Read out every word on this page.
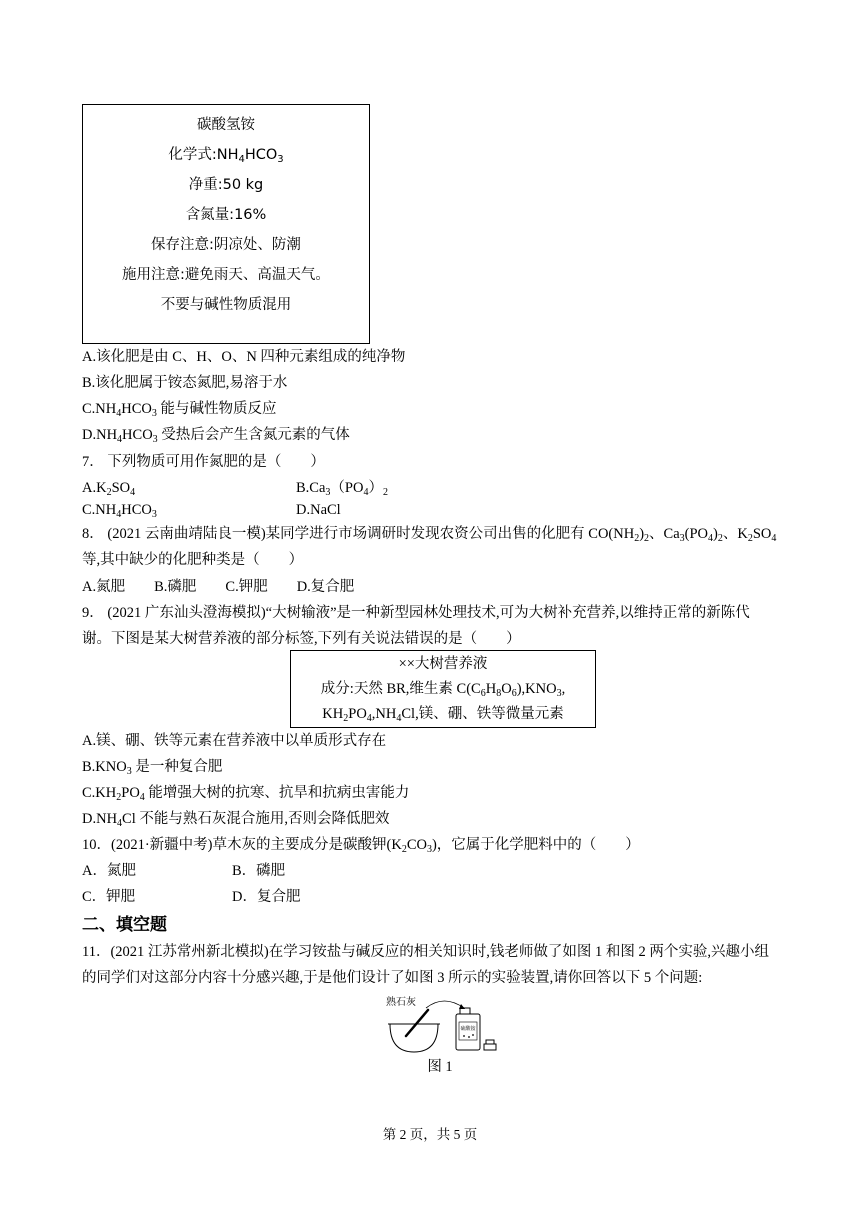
碳酸氢铵
化学式$:NH_4HCO_3$
净重:50 kg
含氮量:16%
保存注意:阴凉处、防潮
施用注意:避免雨天、高温天气。
不要与碱性物质混用
A.该化肥是由 C、H、O、N 四种元素组成的纯净物
B.该化肥属于铵态氮肥,易溶于水
$C.NH_4HCO_3$ 能与碱性物质反应
$D.NH_4HCO_3$ 受热后会产生含氮元素的气体
7． 下列物质可用作氮肥的是（　　）
$A.K_2SO_4$	$B.Ca_3(PO_4)_2$
$C.NH_4HCO_3$	D.NaCl
8． (2021 云南曲靖陆良一模)某同学进行市场调研时发现农资公司出售的化肥有 $CO(NH_2)_2$、$Ca_3(PO_4)_2$、$K_2SO_4$
等,其中缺少的化肥种类是（　　）
A.氮肥　　B.磷肥　　C.钾肥　　D.复合肥
9． (2021 广东汕头澄海模拟)“大树输液”是一种新型园林处理技术,可为大树补充营养,以维持正常的新陈代
谢。下图是某大树营养液的部分标签,下列有关说法错误的是（　　）
××大树营养液
成分:天然 BR,维生素 $C(C_6H_8O_6),KNO_3$,
$KH_2PO_4,NH_4Cl$,镁、硼、铁等微量元素
A.镁、硼、铁等元素在营养液中以单质形式存在
$B.KNO_3$ 是一种复合肥
$C.KH_2PO_4$ 能增强大树的抗寒、抗旱和抗病虫害能力
$D.NH_4Cl$ 不能与熟石灰混合施用,否则会降低肥效
10．(2021·新疆中考)草木灰的主要成分是碳酸钾$(K_2CO_3)$，它属于化学肥料中的（　　）
A．氮肥	B．磷肥
C．钾肥	D．复合肥
二、填空题
11．(2021 江苏常州新北模拟)在学习铵盐与碱反应的相关知识时,钱老师做了如图 1 和图 2 两个实验,兴趣小组
的同学们对这部分内容十分感兴趣,于是他们设计了如图 3 所示的实验装置,请你回答以下 5 个问题:
熟石灰
硫酸铵
图 1
第 2 页，共 5 页
